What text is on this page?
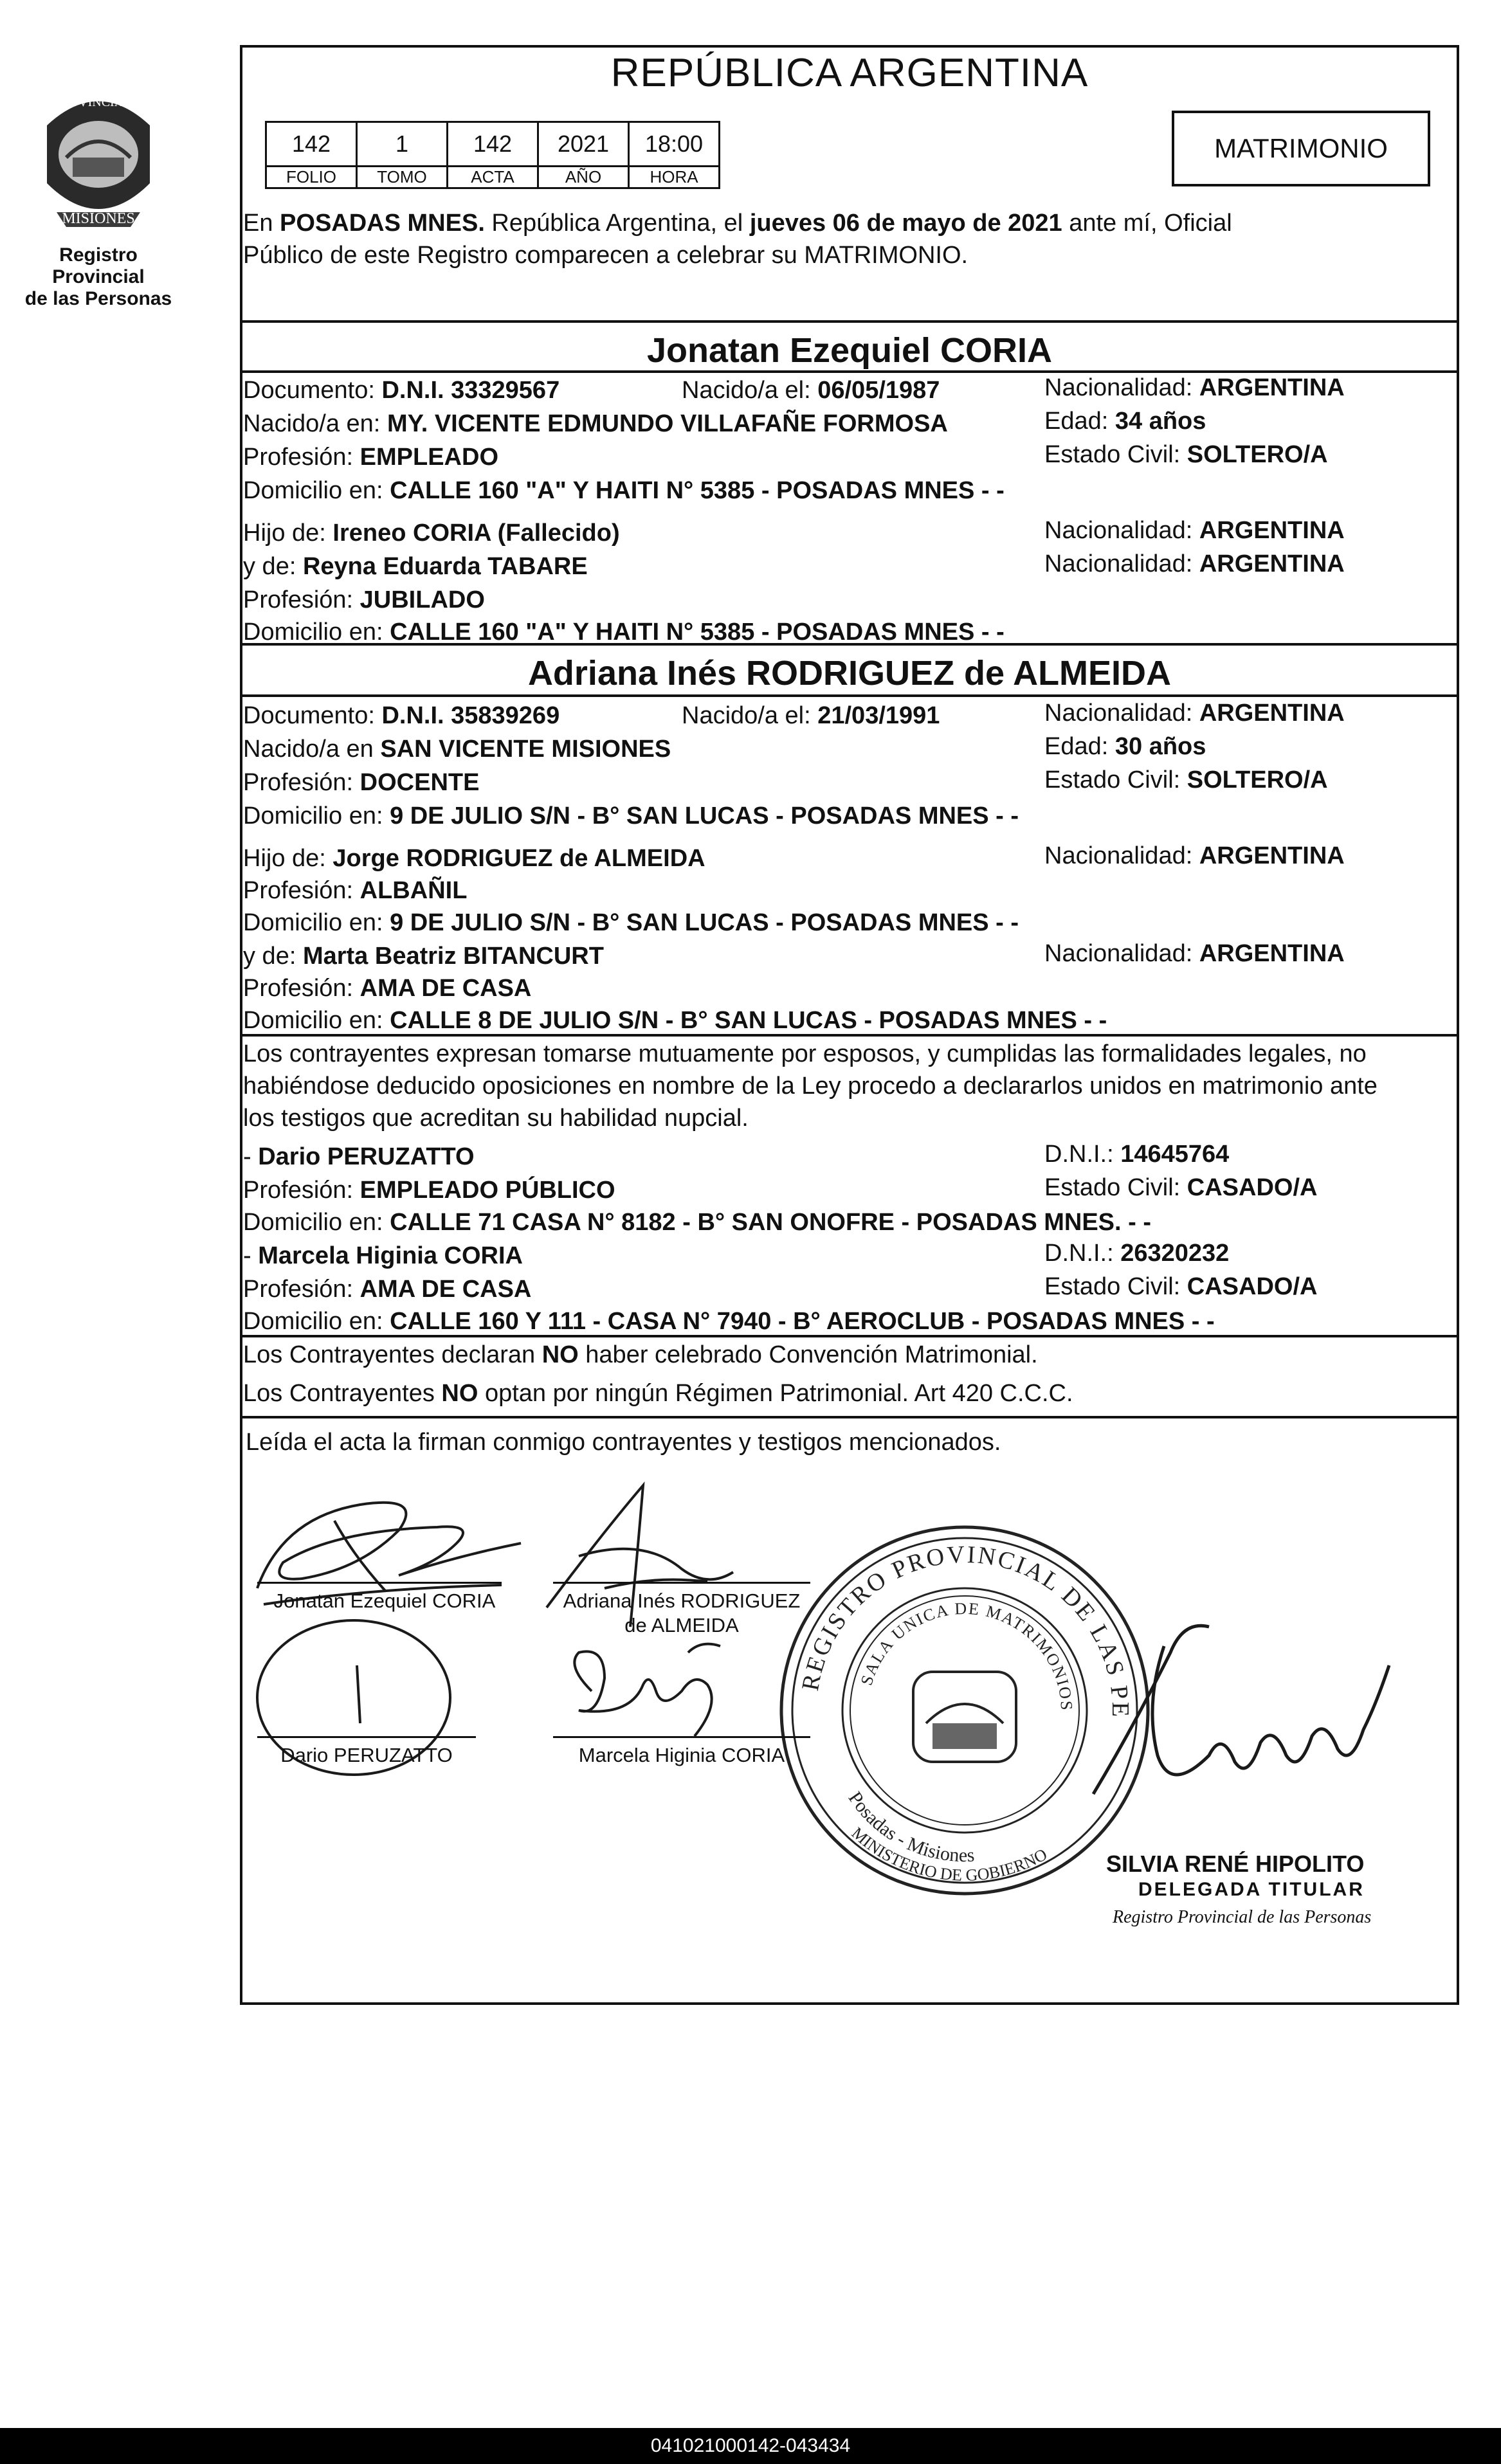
PROVINCIA DE
MISIONES
Registro Provincial
de las Personas
REPÚBLICA ARGENTINA
142	1	142	2021	18:00
FOLIO	TOMO	ACTA	AÑO	HORA
MATRIMONIO
En POSADAS MNES. República Argentina, el jueves 06 de mayo de 2021 ante mí, Oficial
Público de este Registro comparecen a celebrar su MATRIMONIO.
Jonatan Ezequiel CORIA
Documento: D.N.I. 33329567	Nacido/a el: 06/05/1987	Nacionalidad: ARGENTINA
Nacido/a en: MY. VICENTE EDMUNDO VILLAFAÑE FORMOSA	Edad: 34 años
Profesión: EMPLEADO	Estado Civil: SOLTERO/A
Domicilio en: CALLE 160 "A" Y HAITI N° 5385 - POSADAS MNES - -
Hijo de: Ireneo CORIA (Fallecido)	Nacionalidad: ARGENTINA
y de: Reyna Eduarda TABARE	Nacionalidad: ARGENTINA
Profesión: JUBILADO
Domicilio en: CALLE 160 "A" Y HAITI N° 5385 - POSADAS MNES - -
Adriana Inés RODRIGUEZ de ALMEIDA
Documento: D.N.I. 35839269	Nacido/a el: 21/03/1991	Nacionalidad: ARGENTINA
Nacido/a en SAN VICENTE MISIONES	Edad: 30 años
Profesión: DOCENTE	Estado Civil: SOLTERO/A
Domicilio en: 9 DE JULIO S/N - B° SAN LUCAS - POSADAS MNES - -
Hijo de: Jorge RODRIGUEZ de ALMEIDA	Nacionalidad: ARGENTINA
Profesión: ALBAÑIL
Domicilio en: 9 DE JULIO S/N - B° SAN LUCAS - POSADAS MNES - -
y de: Marta Beatriz BITANCURT	Nacionalidad: ARGENTINA
Profesión: AMA DE CASA
Domicilio en: CALLE 8 DE JULIO S/N - B° SAN LUCAS - POSADAS MNES - -
Los contrayentes expresan tomarse mutuamente por esposos, y cumplidas las formalidades legales, no
habiéndose deducido oposiciones en nombre de la Ley procedo a declararlos unidos en matrimonio ante
los testigos que acreditan su habilidad nupcial.
- Dario PERUZATTO	D.N.I.: 14645764
Profesión: EMPLEADO PÚBLICO	Estado Civil: CASADO/A
Domicilio en: CALLE 71 CASA N° 8182 - B° SAN ONOFRE - POSADAS MNES. - -
- Marcela Higinia CORIA	D.N.I.: 26320232
Profesión: AMA DE CASA	Estado Civil: CASADO/A
Domicilio en: CALLE 160 Y 111 - CASA N° 7940 - B° AEROCLUB - POSADAS MNES - -
Los Contrayentes declaran NO haber celebrado Convención Matrimonial.
Los Contrayentes NO optan por ningún Régimen Patrimonial. Art 420 C.C.C.
Leída el acta la firman conmigo contrayentes y testigos mencionados.
REGISTRO PROVINCIAL DE LAS PERSONAS
SALA UNICA DE MATRIMONIOS
Posadas - Misiones
MINISTERIO DE GOBIERNO
Jonatan Ezequiel CORIA	Adriana Inés RODRIGUEZ
de ALMEIDA
Dario PERUZATTO	Marcela Higinia CORIA
SILVIA RENÉ HIPOLITO
DELEGADA TITULAR
Registro Provincial de las Personas
041021000142-043434
